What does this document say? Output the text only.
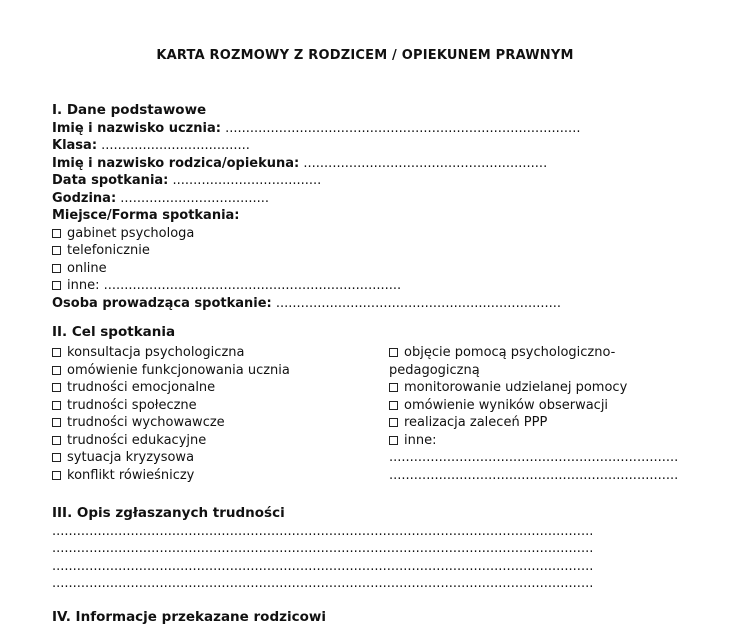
KARTA ROZMOWY Z RODZICEM / OPIEKUNEM PRAWNYM
I. Dane podstawowe
Imię i nazwisko ucznia: ......................................................................................
Klasa: ....................................
Imię i nazwisko rodzica/opiekuna: ...........................................................
Data spotkania: ....................................
Godzina: ....................................
Miejsce/Forma spotkania:
gabinet psychologa
telefonicznie
online
inne: ........................................................................
Osoba prowadząca spotkanie: .....................................................................
II. Cel spotkania
konsultacja psychologiczna
omówienie funkcjonowania ucznia
trudności emocjonalne
trudności społeczne
trudności wychowawcze
trudności edukacyjne
sytuacja kryzysowa
konflikt rówieśniczy
objęcie pomocą psychologiczno-
pedagogiczną
monitorowanie udzielanej pomocy
omówienie wyników obserwacji
realizacja zaleceń PPP
inne:
......................................................................
......................................................................
III. Opis zgłaszanych trudności
...................................................................................................................................
...................................................................................................................................
...................................................................................................................................
...................................................................................................................................
IV. Informacje przekazane rodzicowi
